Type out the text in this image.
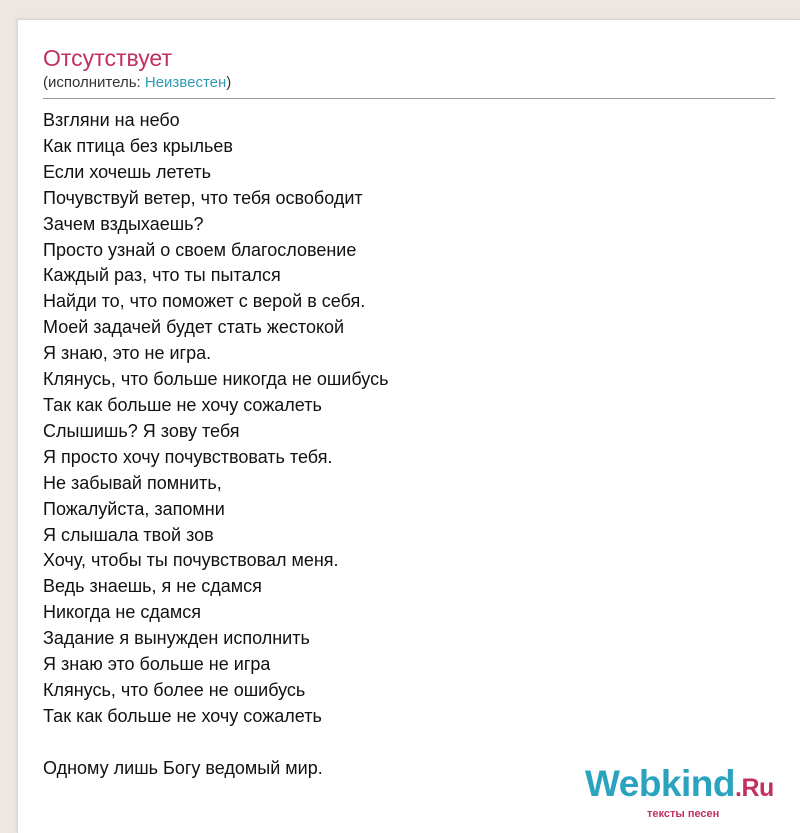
Отсутствует
(исполнитель: Неизвестен)
Взгляни на небо
Как птица без крыльев
Если хочешь лететь
Почувствуй ветер, что тебя освободит
Зачем вздыхаешь?
Просто узнай о своем благословение
Каждый раз, что ты пытался
Найди то, что поможет с верой в себя.
Моей задачей будет стать жестокой
Я знаю, это не игра.
Клянусь, что больше никогда не ошибусь
Так как больше не хочу сожалеть
Слышишь? Я зову тебя
Я просто хочу почувствовать тебя.
Не забывай помнить,
Пожалуйста, запомни
Я слышала твой зов
Хочу, чтобы ты почувствовал меня.
Ведь знаешь, я не сдамся
Никогда не сдамся
Задание я вынужден исполнить
Я знаю это больше не игра
Клянусь, что более не ошибусь
Так как больше не хочу сожалеть
Одному лишь Богу ведомый мир.	Webkind.Ru
тексты песен
